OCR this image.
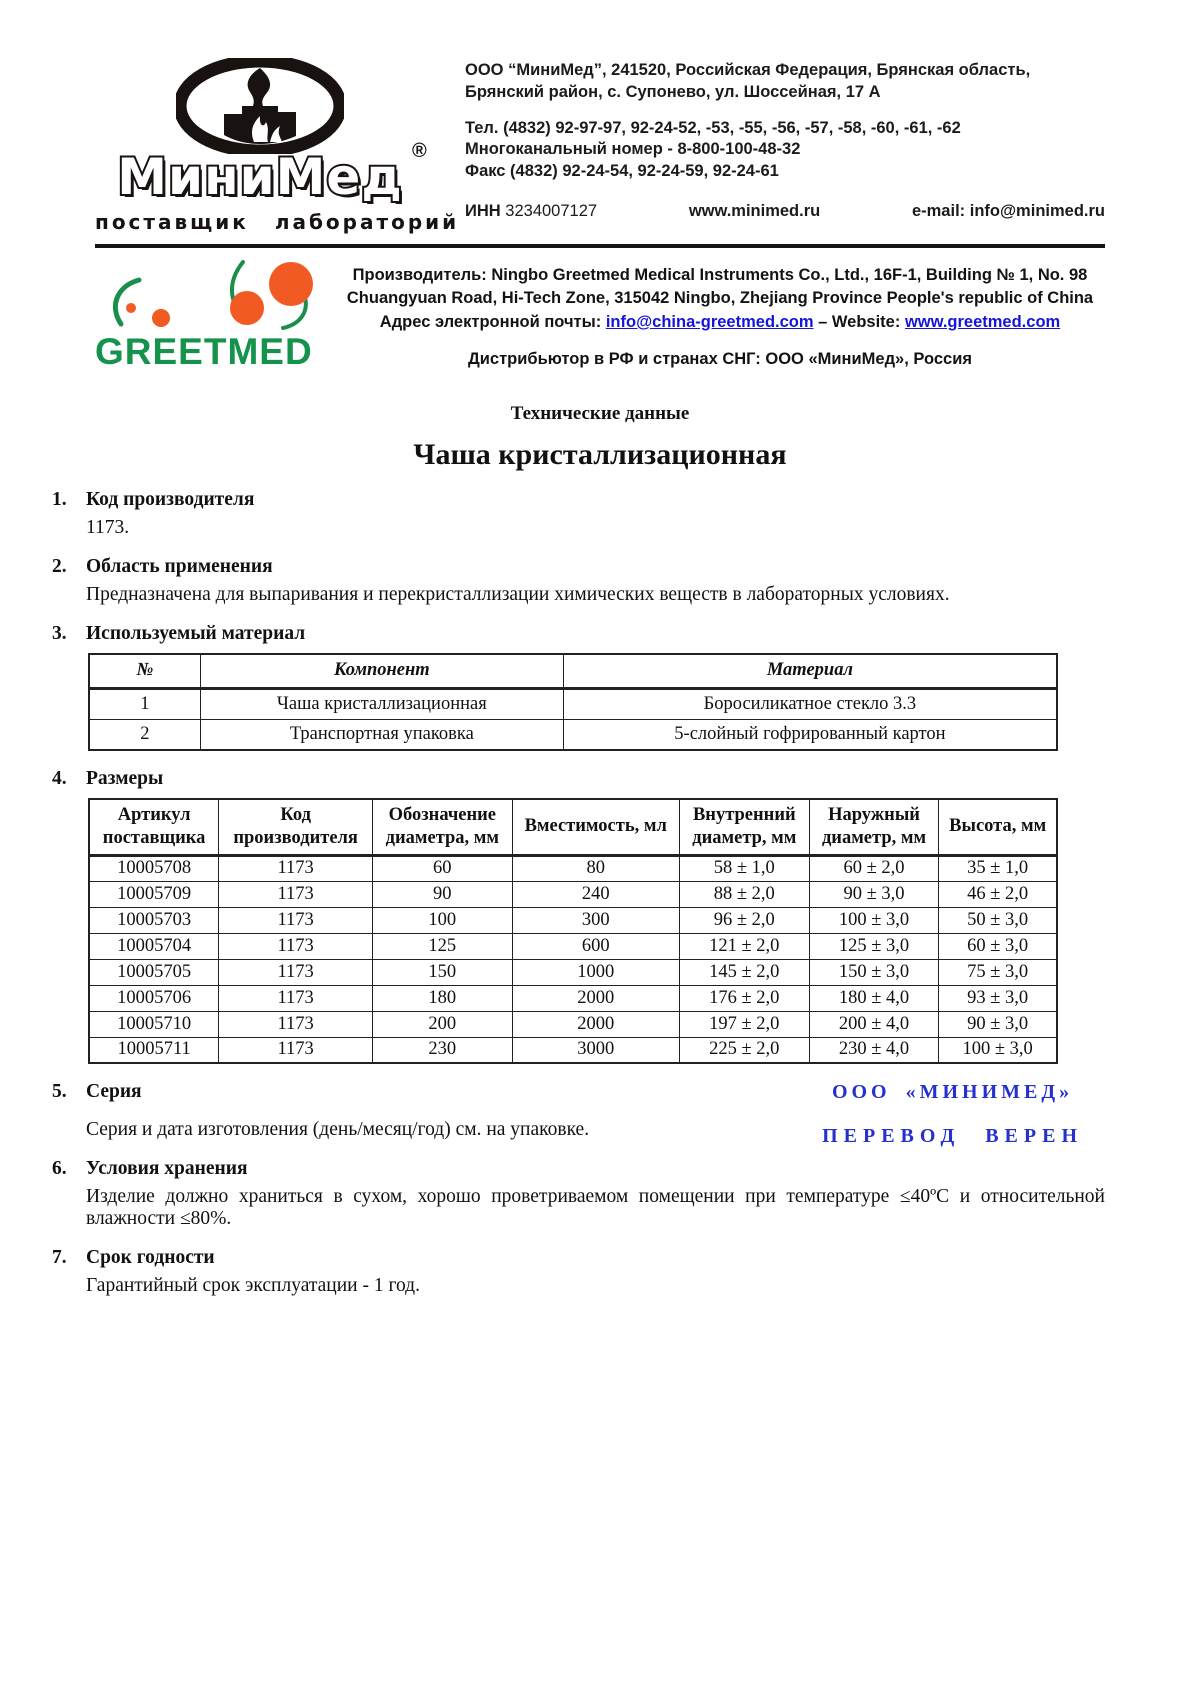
МиниМед ®
поставщик лабораторий
ООО “МиниМед”, 241520, Российская Федерация, Брянская область,
Брянский район, с. Супонево, ул. Шоссейная, 17 А
Тел. (4832) 92-97-97, 92-24-52, -53, -55, -56, -57, -58, -60, -61, -62
Многоканальный номер - 8-800-100-48-32
Факс (4832) 92-24-54, 92-24-59, 92-24-61
ИНН 3234007127	www.minimed.ru	e-mail: info@minimed.ru
GREETMED
Производитель: Ningbo Greetmed Medical Instruments Co., Ltd., 16F-1, Building № 1, No. 98
Chuangyuan Road, Hi-Tech Zone, 315042 Ningbo, Zhejiang Province People's republic of China
Адрес электронной почты: info@china-greetmed.com – Website: www.greetmed.com
Дистрибьютор в РФ и странах СНГ: ООО «МиниМед», Россия
Технические данные
Чаша кристаллизационная
1. Код производителя
1173.
2. Область применения
Предназначена для выпаривания и перекристаллизации химических веществ в лабораторных условиях.
3. Используемый материал
№	Компонент	Материал
1	Чаша кристаллизационная	Боросиликатное стекло 3.3
2	Транспортная упаковка	5-слойный гофрированный картон
4. Размеры
Артикул поставщика	Код производителя	Обозначение диаметра, мм	Вместимость, мл	Внутренний диаметр, мм	Наружный диаметр, мм	Высота, мм
10005708	1173	60	80	58 ± 1,0	60 ± 2,0	35 ± 1,0
10005709	1173	90	240	88 ± 2,0	90 ± 3,0	46 ± 2,0
10005703	1173	100	300	96 ± 2,0	100 ± 3,0	50 ± 3,0
10005704	1173	125	600	121 ± 2,0	125 ± 3,0	60 ± 3,0
10005705	1173	150	1000	145 ± 2,0	150 ± 3,0	75 ± 3,0
10005706	1173	180	2000	176 ± 2,0	180 ± 4,0	93 ± 3,0
10005710	1173	200	2000	197 ± 2,0	200 ± 4,0	90 ± 3,0
10005711	1173	230	3000	225 ± 2,0	230 ± 4,0	100 ± 3,0
5. Серия
Серия и дата изготовления (день/месяц/год) см. на упаковке.
ООО «МИНИМЕД»
ПЕРЕВОД ВЕРЕН
6. Условия хранения
Изделие должно храниться в сухом, хорошо проветриваемом помещении при температуре ≤40ºС и относительной влажности ≤80%.
7. Срок годности
Гарантийный срок эксплуатации - 1 год.
